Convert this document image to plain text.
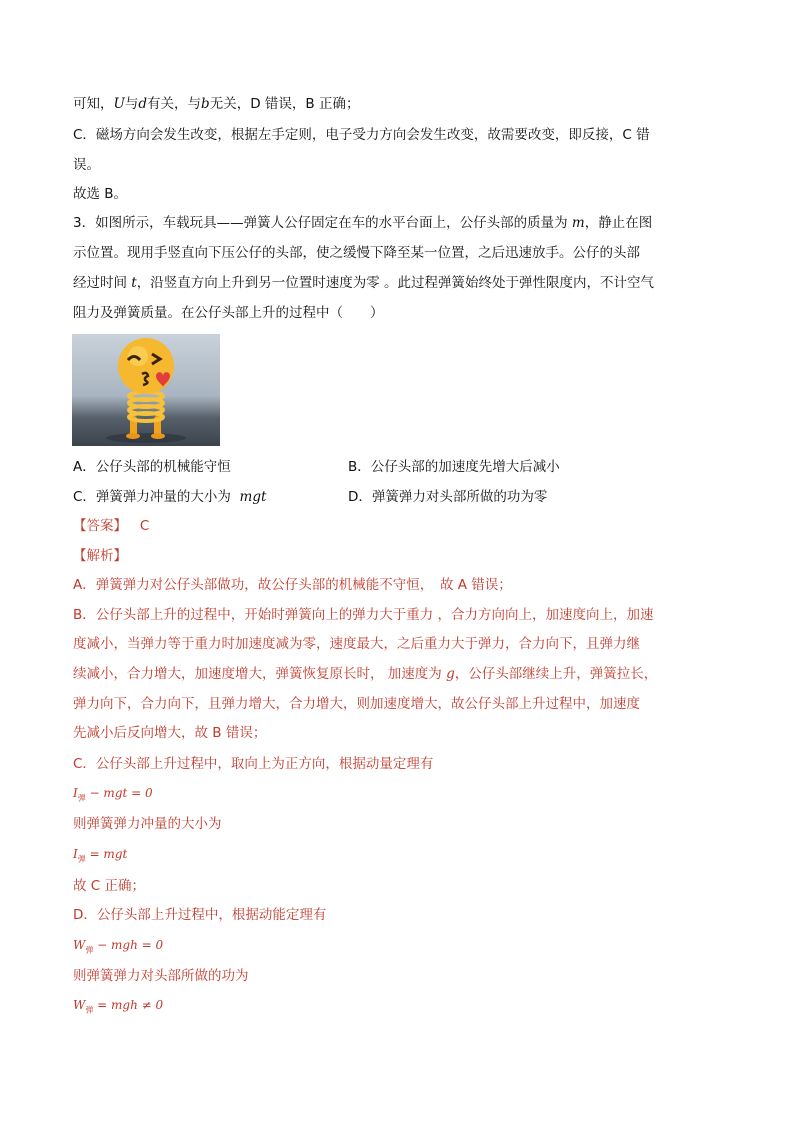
可知，U与d有关，与b无关，D 错误，B 正确；
C．磁场方向会发生改变，根据左手定则，电子受力方向会发生改变，故需要改变，即反接，C 错
误。
故选 B。
3．如图所示，车载玩具——弹簧人公仔固定在车的水平台面上，公仔头部的质量为 m，静止在图
示位置。现用手竖直向下压公仔的头部，使之缓慢下降至某一位置，之后迅速放手。公仔的头部
经过时间 t，沿竖直方向上升到另一位置时速度为零 。此过程弹簧始终处于弹性限度内，不计空气
阻力及弹簧质量。在公仔头部上升的过程中（　　）
A．公仔头部的机械能守恒	B．公仔头部的加速度先增大后减小
C．弹簧弹力冲量的大小为 mgt	D．弹簧弹力对头部所做的功为零
【答案】 C
【解析】
A．弹簧弹力对公仔头部做功，故公仔头部的机械能不守恒，　故 A 错误；
B．公仔头部上升的过程中，开始时弹簧向上的弹力大于重力 ，合力方向向上，加速度向上，加速
度减小，当弹力等于重力时加速度减为零，速度最大，之后重力大于弹力，合力向下，且弹力继
续减小，合力增大，加速度增大，弹簧恢复原长时， 加速度为 g，公仔头部继续上升，弹簧拉长，
弹力向下，合力向下，且弹力增大，合力增大，则加速度增大，故公仔头部上升过程中，加速度
先减小后反向增大，故 B 错误；
C．公仔头部上升过程中，取向上为正方向，根据动量定理有
$I_弹$ − mgt = 0
则弹簧弹力冲量的大小为
$I_弹$ = mgt
故 C 正确；
D．公仔头部上升过程中，根据动能定理有
$W_弹$ − mgh = 0
则弹簧弹力对头部所做的功为
$W_弹$ = mgh ≠ 0
